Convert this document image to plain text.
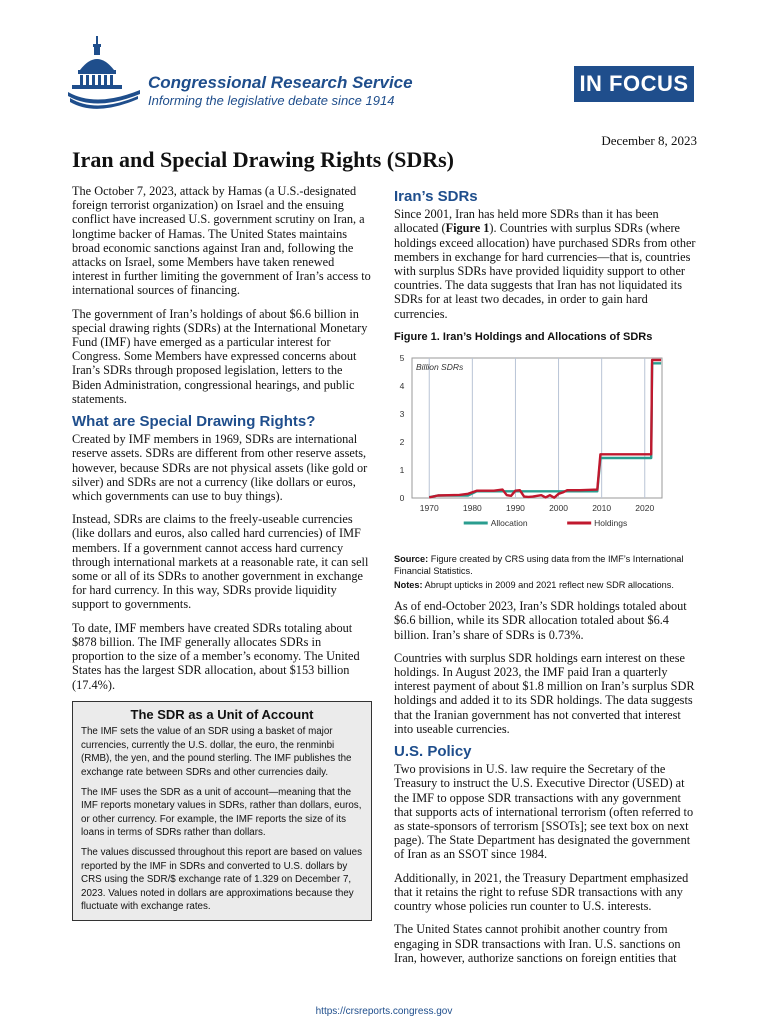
Congressional Research Service
Informing the legislative debate since 1914
IN FOCUS
December 8, 2023
Iran and Special Drawing Rights (SDRs)

The October 7, 2023, attack by Hamas (a U.S.-designated foreign terrorist organization) on Israel and the ensuing conflict have increased U.S. government scrutiny on Iran, a longtime backer of Hamas. The United States maintains broad economic sanctions against Iran and, following the attacks on Israel, some Members have taken renewed interest in further limiting the government of Iran’s access to international sources of financing.

The government of Iran’s holdings of about $6.6 billion in special drawing rights (SDRs) at the International Monetary Fund (IMF) have emerged as a particular interest for Congress. Some Members have expressed concerns about Iran’s SDRs through proposed legislation, letters to the Biden Administration, congressional hearings, and public statements.

What are Special Drawing Rights?

Created by IMF members in 1969, SDRs are international reserve assets. SDRs are different from other reserve assets, however, because SDRs are not physical assets (like gold or silver) and SDRs are not a currency (like dollars or euros, which governments can use to buy things).

Instead, SDRs are claims to the freely-useable currencies (like dollars and euros, also called hard currencies) of IMF members. If a government cannot access hard currency through international markets at a reasonable rate, it can sell some or all of its SDRs to another government in exchange for hard currency. In this way, SDRs provide liquidity support to governments.

To date, IMF members have created SDRs totaling about $878 billion. The IMF generally allocates SDRs in proportion to the size of a member’s economy. The United States has the largest SDR allocation, about $153 billion (17.4%).

The SDR as a Unit of Account

The IMF sets the value of an SDR using a basket of major currencies, currently the U.S. dollar, the euro, the renminbi (RMB), the yen, and the pound sterling. The IMF publishes the exchange rate between SDRs and other currencies daily.

The IMF uses the SDR as a unit of account—meaning that the IMF reports monetary values in SDRs, rather than dollars, euros, or other currency. For example, the IMF reports the size of its loans in terms of SDRs rather than dollars.

The values discussed throughout this report are based on values reported by the IMF in SDRs and converted to U.S. dollars by CRS using the SDR/$ exchange rate of 1.329 on December 7, 2023. Values noted in dollars are approximations because they fluctuate with exchange rates.

Iran’s SDRs

Since 2001, Iran has held more SDRs than it has been allocated (Figure 1). Countries with surplus SDRs (where holdings exceed allocation) have purchased SDRs from other members in exchange for hard currencies—that is, countries with surplus SDRs have provided liquidity support to other countries. The data suggests that Iran has not liquidated its SDRs for at least two decades, in order to gain hard currencies.

Figure 1. Iran’s Holdings and Allocations of SDRs
1970	1980	1990	2000	2010	2020
0
1
2
3
4
5
Billion SDRs
Allocation	Holdings
Source: Figure created by CRS using data from the IMF’s International Financial Statistics.
Notes: Abrupt upticks in 2009 and 2021 reflect new SDR allocations.

As of end-October 2023, Iran’s SDR holdings totaled about $6.6 billion, while its SDR allocation totaled about $6.4 billion. Iran’s share of SDRs is 0.73%.

Countries with surplus SDR holdings earn interest on these holdings. In August 2023, the IMF paid Iran a quarterly interest payment of about $1.8 million on Iran’s surplus SDR holdings and added it to its SDR holdings. The data suggests that the Iranian government has not converted that interest into useable currencies.

U.S. Policy

Two provisions in U.S. law require the Secretary of the Treasury to instruct the U.S. Executive Director (USED) at the IMF to oppose SDR transactions with any government that supports acts of international terrorism (often referred to as state-sponsors of terrorism [SSOTs]; see text box on next page). The State Department has designated the government of Iran as an SSOT since 1984.

Additionally, in 2021, the Treasury Department emphasized that it retains the right to refuse SDR transactions with any country whose policies run counter to U.S. interests.

The United States cannot prohibit another country from engaging in SDR transactions with Iran. U.S. sanctions on Iran, however, authorize sanctions on foreign entities that

https://crsreports.congress.gov
